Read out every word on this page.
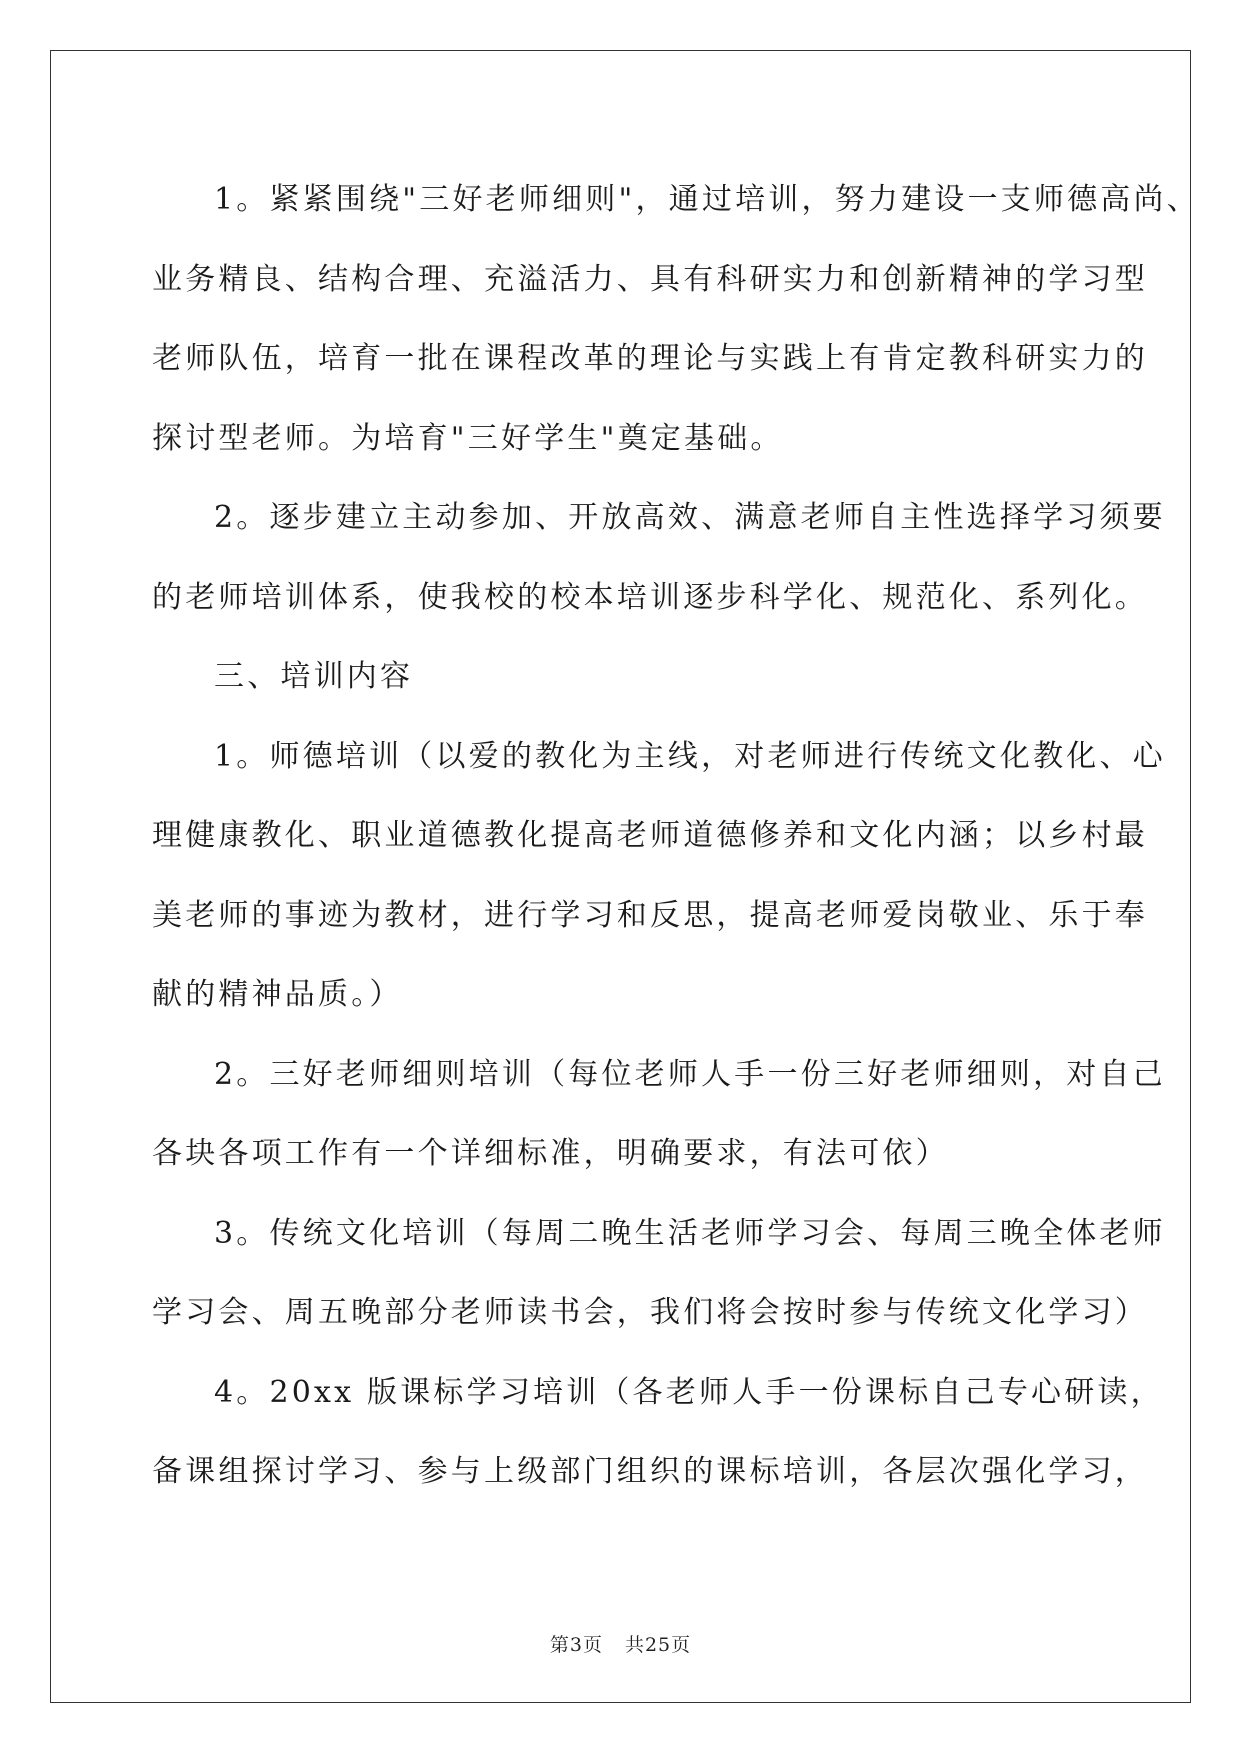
1。紧紧围绕"三好老师细则"，通过培训，努力建设一支师德高尚、
业务精良、结构合理、充溢活力、具有科研实力和创新精神的学习型
老师队伍，培育一批在课程改革的理论与实践上有肯定教科研实力的
探讨型老师。为培育"三好学生"奠定基础。
2。逐步建立主动参加、开放高效、满意老师自主性选择学习须要
的老师培训体系，使我校的校本培训逐步科学化、规范化、系列化。
三、培训内容
1。师德培训（以爱的教化为主线，对老师进行传统文化教化、心
理健康教化、职业道德教化提高老师道德修养和文化内涵；以乡村最
美老师的事迹为教材，进行学习和反思，提高老师爱岗敬业、乐于奉
献的精神品质。）
2。三好老师细则培训（每位老师人手一份三好老师细则，对自己
各块各项工作有一个详细标准，明确要求，有法可依）
3。传统文化培训（每周二晚生活老师学习会、每周三晚全体老师
学习会、周五晚部分老师读书会，我们将会按时参与传统文化学习）
4。20xx 版课标学习培训（各老师人手一份课标自己专心研读，
备课组探讨学习、参与上级部门组织的课标培训，各层次强化学习，
第3页 共25页
